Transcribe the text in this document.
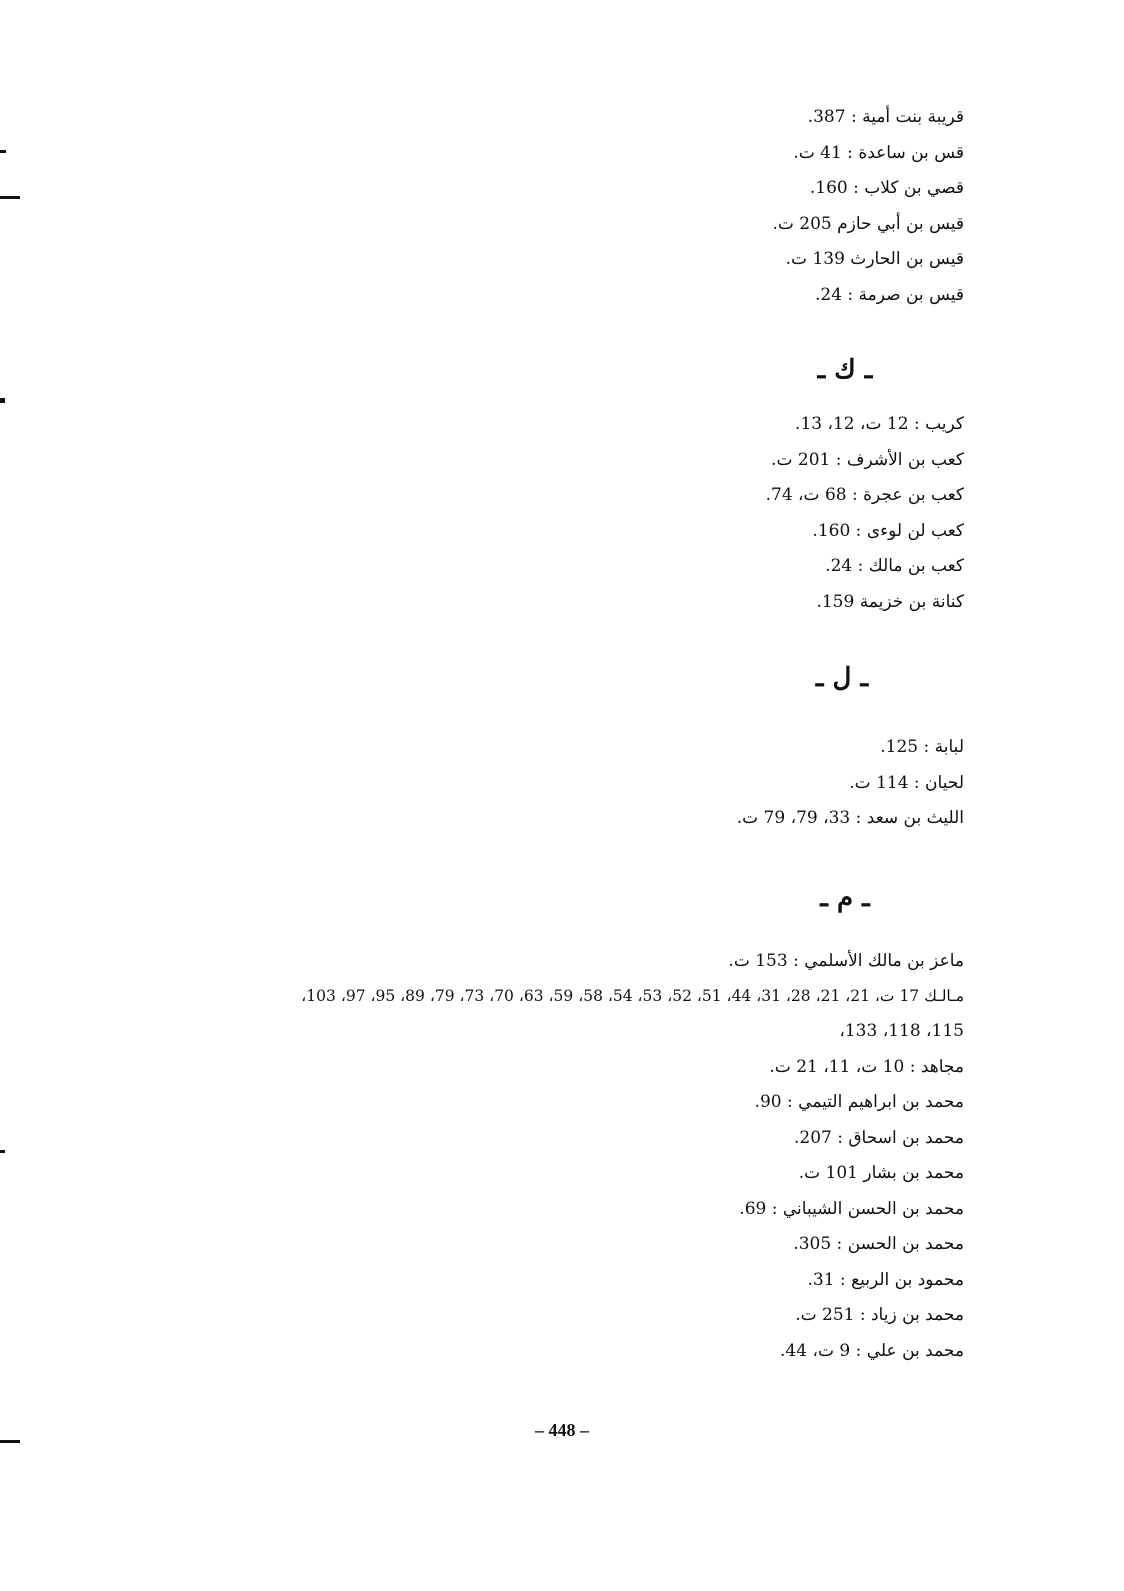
قريبة بنت أمية : 387.
قس بن ساعدة : 41 ت.
قصي بن كلاب : 160.
قيس بن أبي حازم 205 ت.
قيس بن الحارث 139 ت.
قيس بن صرمة : 24.
ـ ك ـ
كريب : 12 ت، 12، 13.
كعب بن الأشرف : 201 ت.
كعب بن عجرة : 68 ت، 74.
كعب لن لوءى : 160.
كعب بن مالك : 24.
كنانة بن خزيمة 159.
ـ ل ـ
لبابة : 125.
لحيان : 114 ت.
الليث بن سعد : 33، 79، 79 ت.
ـ م ـ
ماعز بن مالك الأسلمي : 153 ت.
مـالـك 17 ت، 21، 21، 28، 31، 44، 51، 52، 53، 54، 58، 59، 63، 70، 73، 79، 89، 95، 97، 103،
115، 118، 133،
مجاهد : 10 ت، 11، 21 ت.
محمد بن ابراهيم التيمي : 90.
محمد بن اسحاق : 207.
محمد بن بشار 101 ت.
محمد بن الحسن الشيباني : 69.
محمد بن الحسن : 305.
محمود بن الربيع : 31.
محمد بن زياد : 251 ت.
محمد بن علي : 9 ت، 44.
– 448 –
